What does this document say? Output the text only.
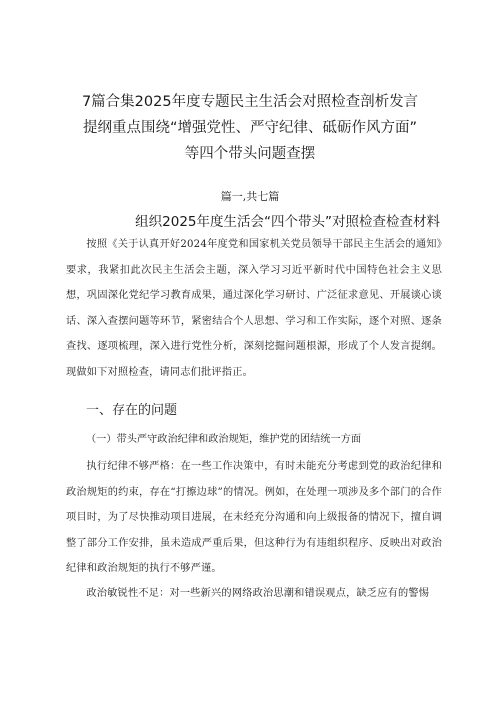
7篇合集2025年度专题民主生活会对照检查剖析发言
提纲重点围绕“增强党性、严守纪律、砥砺作风方面”
等四个带头问题查摆
篇一,共七篇
组织2025年度生活会“四个带头”对照检查检查材料

按照《关于认真开好2024年度党和国家机关党员领导干部民主生活会的通知》要求，我紧扣此次民主生活会主题，深入学习习近平新时代中国特色社会主义思想，巩固深化党纪学习教育成果，通过深化学习研讨、广泛征求意见、开展谈心谈话、深入查摆问题等环节，紧密结合个人思想、学习和工作实际，逐个对照、逐条查找、逐项梳理，深入进行党性分析，深刻挖掘问题根源，形成了个人发言提纲。现做如下对照检查，请同志们批评指正。

一、存在的问题
（一）带头严守政治纪律和政治规矩，维护党的团结统一方面

执行纪律不够严格：在一些工作决策中，有时未能充分考虑到党的政治纪律和政治规矩的约束，存在“打擦边球”的情况。例如，在处理一项涉及多个部门的合作项目时，为了尽快推动项目进展，在未经充分沟通和向上级报备的情况下，擅自调整了部分工作安排，虽未造成严重后果，但这种行为有违组织程序、反映出对政治纪律和政治规矩的执行不够严谨。

政治敏锐性不足：对一些新兴的网络政治思潮和错误观点，缺乏应有的警惕
